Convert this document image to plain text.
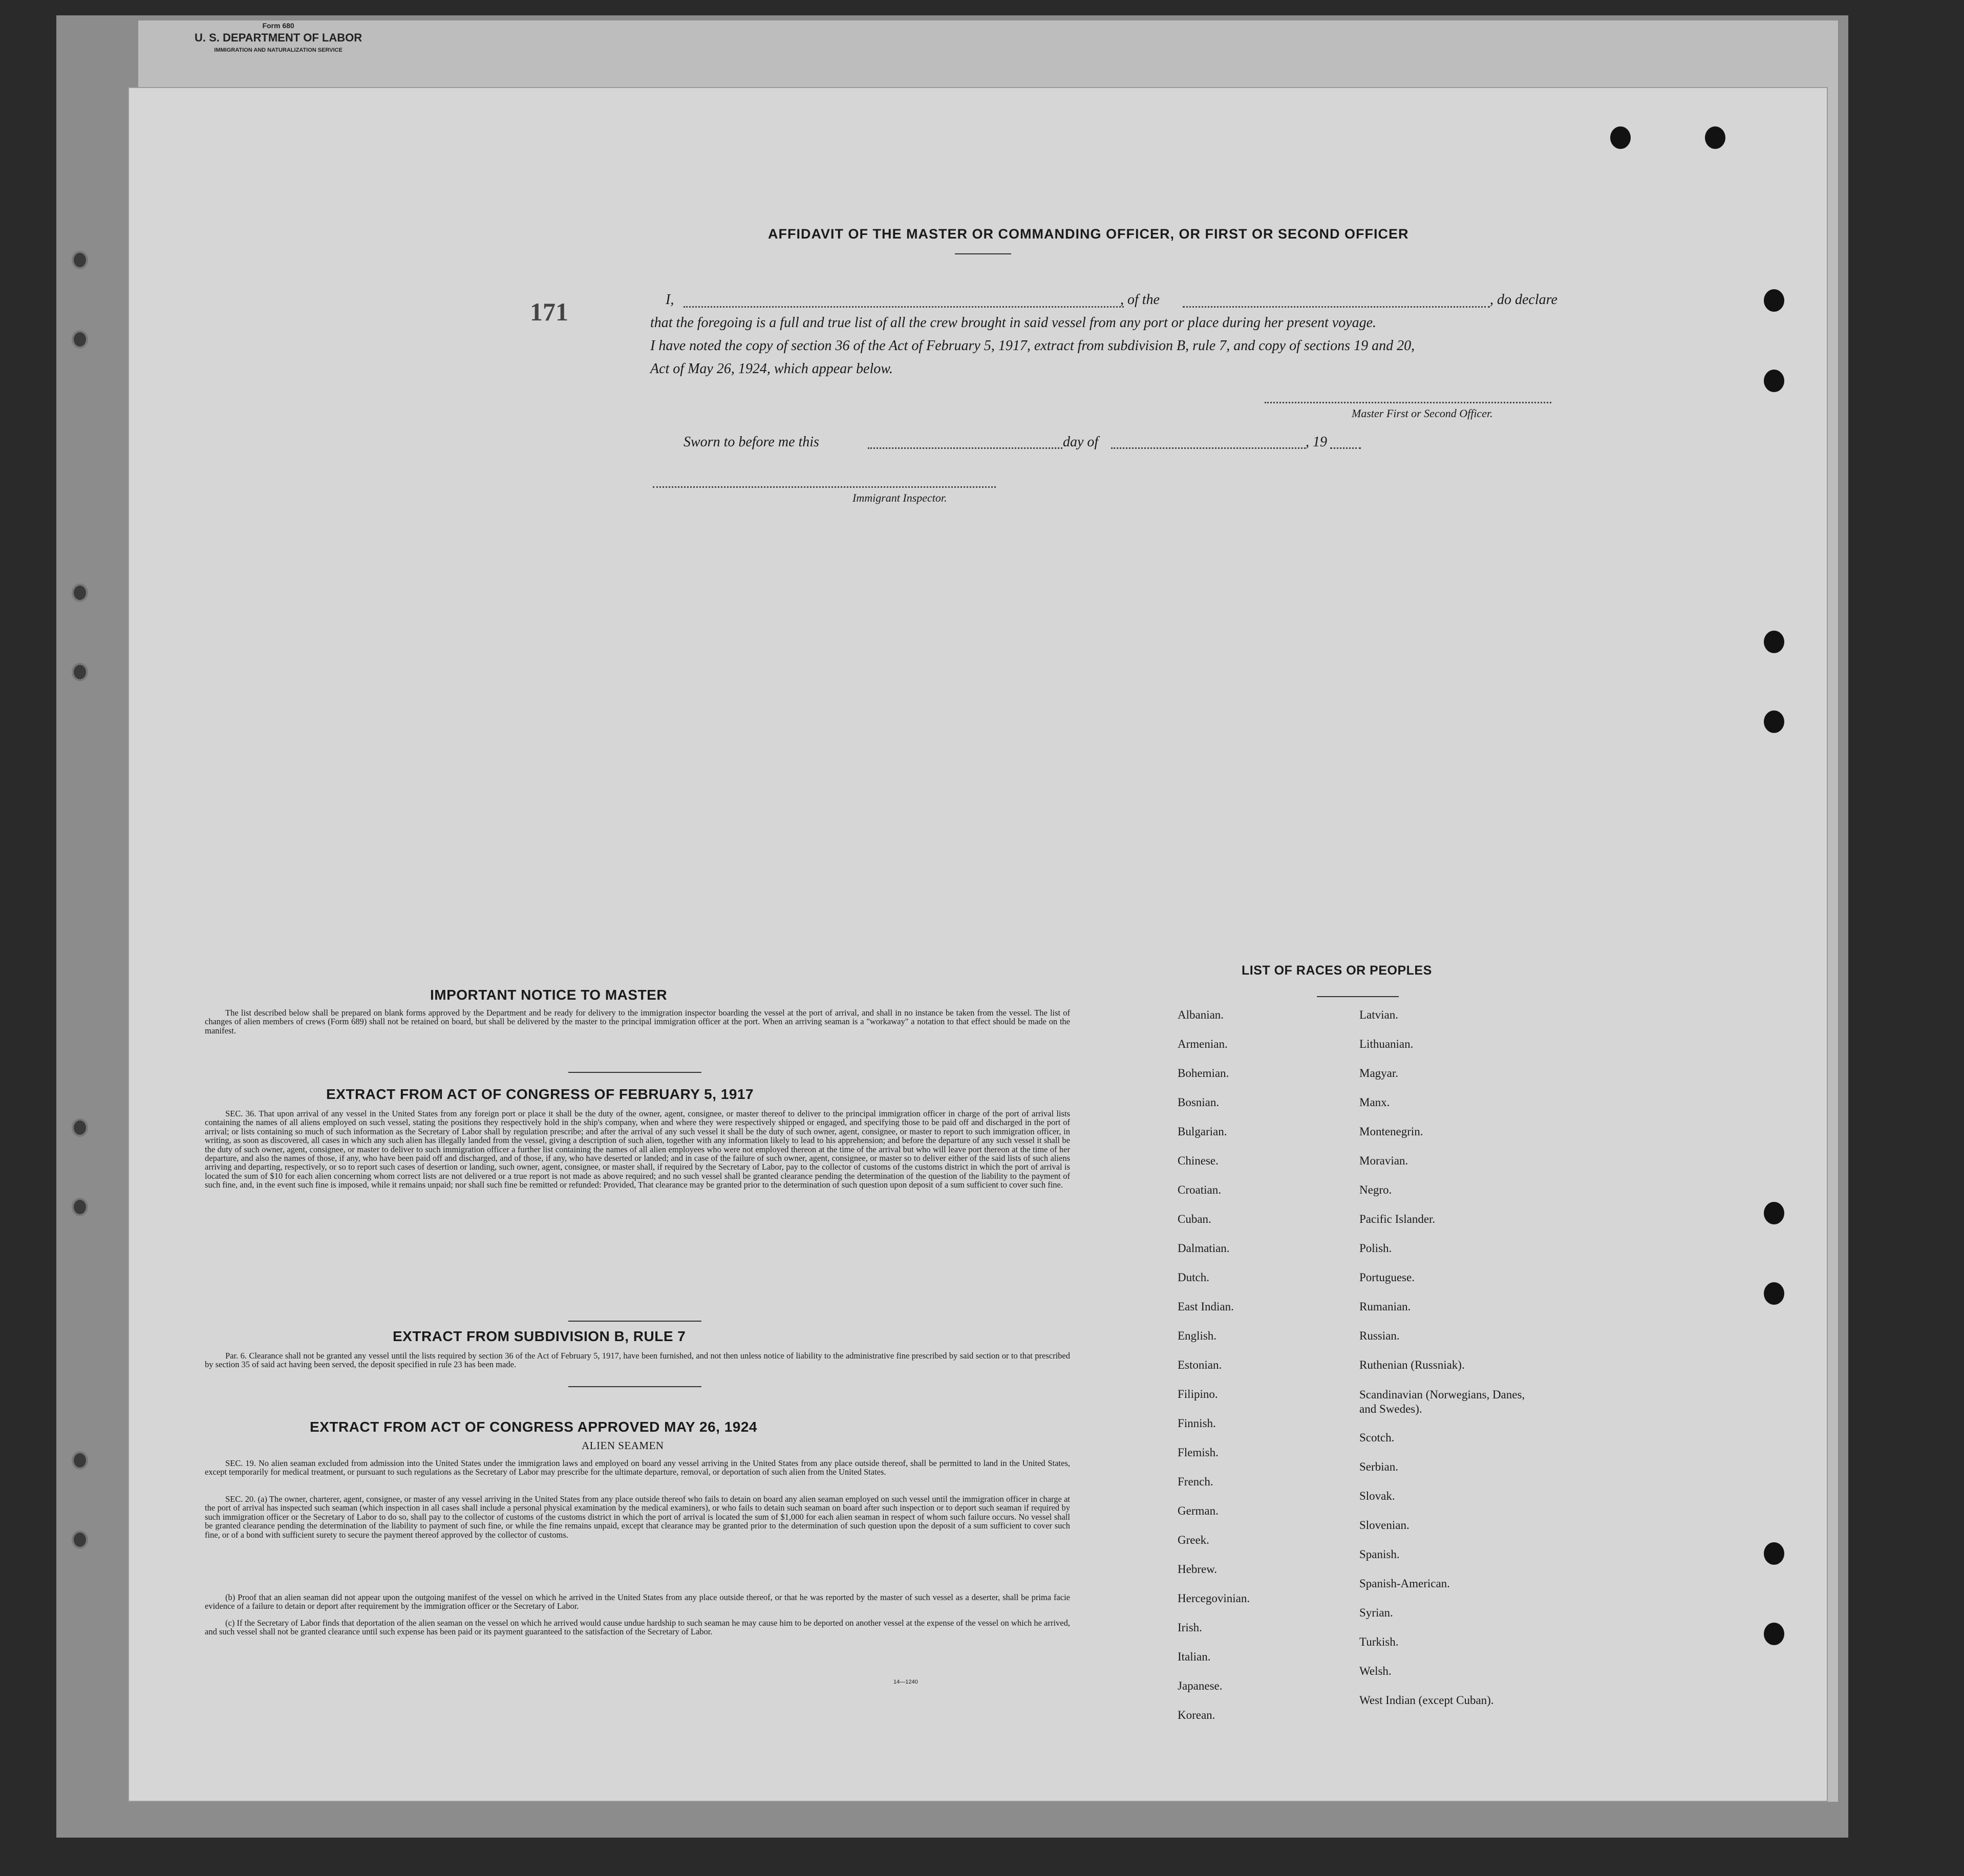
Form 680
U. S. DEPARTMENT OF LABOR
IMMIGRATION AND NATURALIZATION SERVICE
171
AFFIDAVIT OF THE MASTER OR COMMANDING OFFICER, OR FIRST OR SECOND OFFICER
I,	, of the	, do declare
that the foregoing is a full and true list of all the crew brought in said vessel from any port or place during her present voyage.
I have noted the copy of section 36 of the Act of February 5, 1917, extract from subdivision B, rule 7, and copy of sections 19 and 20,
Act of May 26, 1924, which appear below.
Master First or Second Officer.
Sworn to before me this	day of	, 19
Immigrant Inspector.
IMPORTANT NOTICE TO MASTER
The list described below shall be prepared on blank forms approved by the Department and be ready for delivery to the immigration inspector boarding the vessel at the port of arrival, and shall in no instance be taken from the vessel. The list of changes of alien members of crews (Form 689) shall not be retained on board, but shall be delivered by the master to the principal immigration officer at the port. When an arriving seaman is a "workaway" a notation to that effect should be made on the manifest.
EXTRACT FROM ACT OF CONGRESS OF FEBRUARY 5, 1917
SEC. 36. That upon arrival of any vessel in the United States from any foreign port or place it shall be the duty of the owner, agent, consignee, or master thereof to deliver to the principal immigration officer in charge of the port of arrival lists containing the names of all aliens employed on such vessel, stating the positions they respectively hold in the ship's company, when and where they were respectively shipped or engaged, and specifying those to be paid off and discharged in the port of arrival; or lists containing so much of such information as the Secretary of Labor shall by regulation prescribe; and after the arrival of any such vessel it shall be the duty of such owner, agent, consignee, or master to report to such immigration officer, in writing, as soon as discovered, all cases in which any such alien has illegally landed from the vessel, giving a description of such alien, together with any information likely to lead to his apprehension; and before the departure of any such vessel it shall be the duty of such owner, agent, consignee, or master to deliver to such immigration officer a further list containing the names of all alien employees who were not employed thereon at the time of the arrival but who will leave port thereon at the time of her departure, and also the names of those, if any, who have been paid off and discharged, and of those, if any, who have deserted or landed; and in case of the failure of such owner, agent, consignee, or master so to deliver either of the said lists of such aliens arriving and departing, respectively, or so to report such cases of desertion or landing, such owner, agent, consignee, or master shall, if required by the Secretary of Labor, pay to the collector of customs of the customs district in which the port of arrival is located the sum of $10 for each alien concerning whom correct lists are not delivered or a true report is not made as above required; and no such vessel shall be granted clearance pending the determination of the question of the liability to the payment of such fine, and, in the event such fine is imposed, while it remains unpaid; nor shall such fine be remitted or refunded: Provided, That clearance may be granted prior to the determination of such question upon deposit of a sum sufficient to cover such fine.
EXTRACT FROM SUBDIVISION B, RULE 7
Par. 6. Clearance shall not be granted any vessel until the lists required by section 36 of the Act of February 5, 1917, have been furnished, and not then unless notice of liability to the administrative fine prescribed by said section or to that prescribed by section 35 of said act having been served, the deposit specified in rule 23 has been made.
EXTRACT FROM ACT OF CONGRESS APPROVED MAY 26, 1924
ALIEN SEAMEN
SEC. 19. No alien seaman excluded from admission into the United States under the immigration laws and employed on board any vessel arriving in the United States from any place outside thereof, shall be permitted to land in the United States, except temporarily for medical treatment, or pursuant to such regulations as the Secretary of Labor may prescribe for the ultimate departure, removal, or deportation of such alien from the United States.
SEC. 20. (a) The owner, charterer, agent, consignee, or master of any vessel arriving in the United States from any place outside thereof who fails to detain on board any alien seaman employed on such vessel until the immigration officer in charge at the port of arrival has inspected such seaman (which inspection in all cases shall include a personal physical examination by the medical examiners), or who fails to detain such seaman on board after such inspection or to deport such seaman if required by such immigration officer or the Secretary of Labor to do so, shall pay to the collector of customs of the customs district in which the port of arrival is located the sum of $1,000 for each alien seaman in respect of whom such failure occurs. No vessel shall be granted clearance pending the determination of the liability to payment of such fine, or while the fine remains unpaid, except that clearance may be granted prior to the determination of such question upon the deposit of a sum sufficient to cover such fine, or of a bond with sufficient surety to secure the payment thereof approved by the collector of customs.
(b) Proof that an alien seaman did not appear upon the outgoing manifest of the vessel on which he arrived in the United States from any place outside thereof, or that he was reported by the master of such vessel as a deserter, shall be prima facie evidence of a failure to detain or deport after requirement by the immigration officer or the Secretary of Labor.
(c) If the Secretary of Labor finds that deportation of the alien seaman on the vessel on which he arrived would cause undue hardship to such seaman he may cause him to be deported on another vessel at the expense of the vessel on which he arrived, and such vessel shall not be granted clearance until such expense has been paid or its payment guaranteed to the satisfaction of the Secretary of Labor.
14—1240
LIST OF RACES OR PEOPLES
Albanian.
Armenian.
Bohemian.
Bosnian.
Bulgarian.
Chinese.
Croatian.
Cuban.
Dalmatian.
Dutch.
East Indian.
English.
Estonian.
Filipino.
Finnish.
Flemish.
French.
German.
Greek.
Hebrew.
Hercegovinian.
Irish.
Italian.
Japanese.
Korean.
Latvian.
Lithuanian.
Magyar.
Manx.
Montenegrin.
Moravian.
Negro.
Pacific Islander.
Polish.
Portuguese.
Rumanian.
Russian.
Ruthenian (Russniak).
Scandinavian (Norwegians, Danes, and Swedes).
Scotch.
Serbian.
Slovak.
Slovenian.
Spanish.
Spanish-American.
Syrian.
Turkish.
Welsh.
West Indian (except Cuban).
